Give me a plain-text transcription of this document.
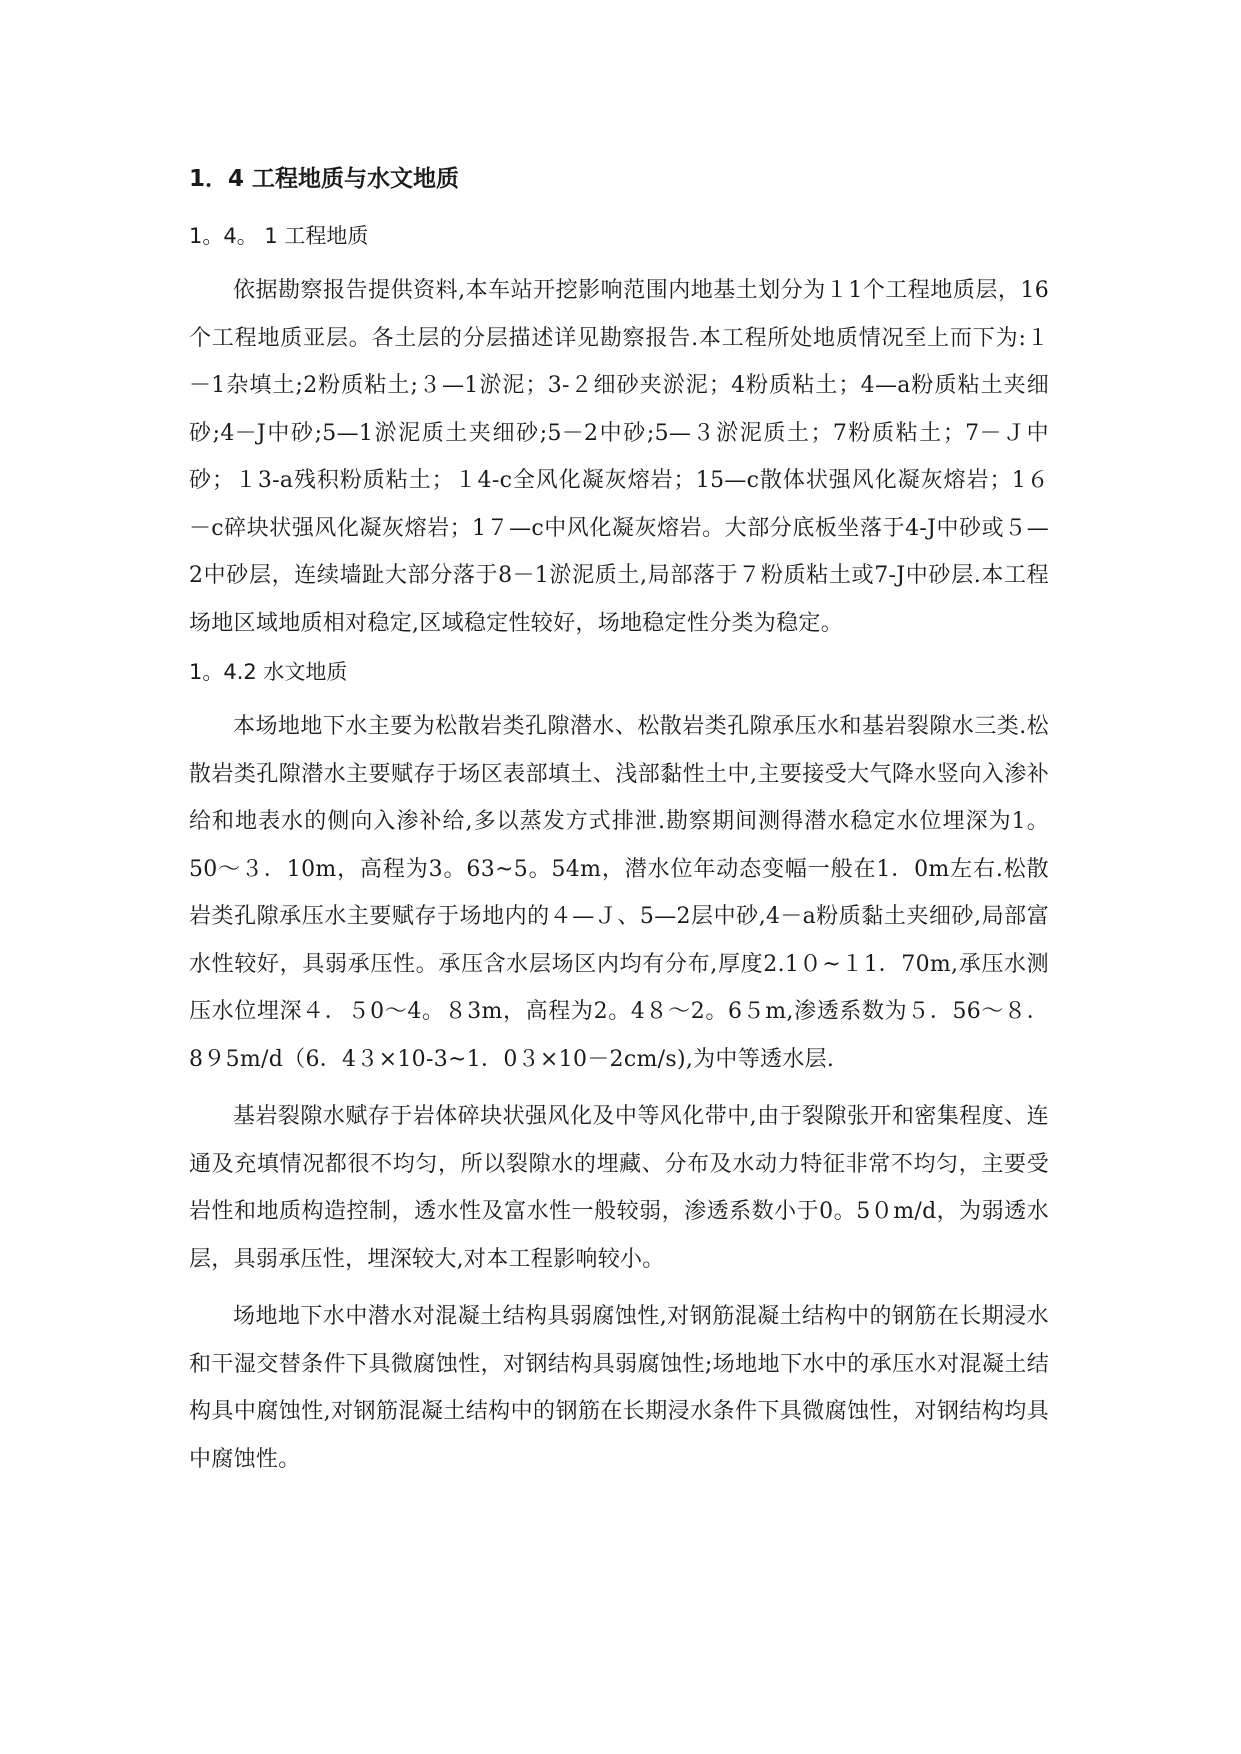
1．4 工程地质与水文地质
1。4。 1 工程地质

依据勘察报告提供资料,本车站开挖影响范围内地基土划分为１1个工程地质层，16个工程地质亚层。各土层的分层描述详见勘察报告.本工程所处地质情况至上而下为:１－1杂填土;2粉质粘土;３—1淤泥；3-２细砂夹淤泥；4粉质粘土；4—a粉质粘土夹细砂;4－J中砂;5—1淤泥质土夹细砂;5－2中砂;5—３淤泥质土；7粉质粘土；7－Ｊ中砂；１3-a残积粉质粘土；１4-c全风化凝灰熔岩；15—c散体状强风化凝灰熔岩；1６－c碎块状强风化凝灰熔岩；1７—c中风化凝灰熔岩。大部分底板坐落于4-J中砂或５—2中砂层，连续墙趾大部分落于8－1淤泥质土,局部落于７粉质粘土或7-J中砂层.本工程场地区域地质相对稳定,区域稳定性较好，场地稳定性分类为稳定。

1。4.2 水文地质

本场地地下水主要为松散岩类孔隙潜水、松散岩类孔隙承压水和基岩裂隙水三类.松散岩类孔隙潜水主要赋存于场区表部填土、浅部黏性土中,主要接受大气降水竖向入渗补给和地表水的侧向入渗补给,多以蒸发方式排泄.勘察期间测得潜水稳定水位埋深为1。50～３．10m，高程为3。63~5。54m，潜水位年动态变幅一般在1．0m左右.松散岩类孔隙承压水主要赋存于场地内的４—Ｊ、5—2层中砂,4－a粉质黏土夹细砂,局部富水性较好，具弱承压性。承压含水层场区内均有分布,厚度2.1０~１1．70m,承压水测压水位埋深４．５0～4。８3m，高程为2。4８～2。6５m,渗透系数为５．56～８．8９5m/d（6．4３×10-3~1．0３×10－2cm/s),为中等透水层.

基岩裂隙水赋存于岩体碎块状强风化及中等风化带中,由于裂隙张开和密集程度、连通及充填情况都很不均匀，所以裂隙水的埋藏、分布及水动力特征非常不均匀，主要受岩性和地质构造控制，透水性及富水性一般较弱，渗透系数小于0。5０m/d，为弱透水层，具弱承压性，埋深较大,对本工程影响较小。

场地地下水中潜水对混凝土结构具弱腐蚀性,对钢筋混凝土结构中的钢筋在长期浸水和干湿交替条件下具微腐蚀性，对钢结构具弱腐蚀性;场地地下水中的承压水对混凝土结构具中腐蚀性,对钢筋混凝土结构中的钢筋在长期浸水条件下具微腐蚀性，对钢结构均具中腐蚀性。
